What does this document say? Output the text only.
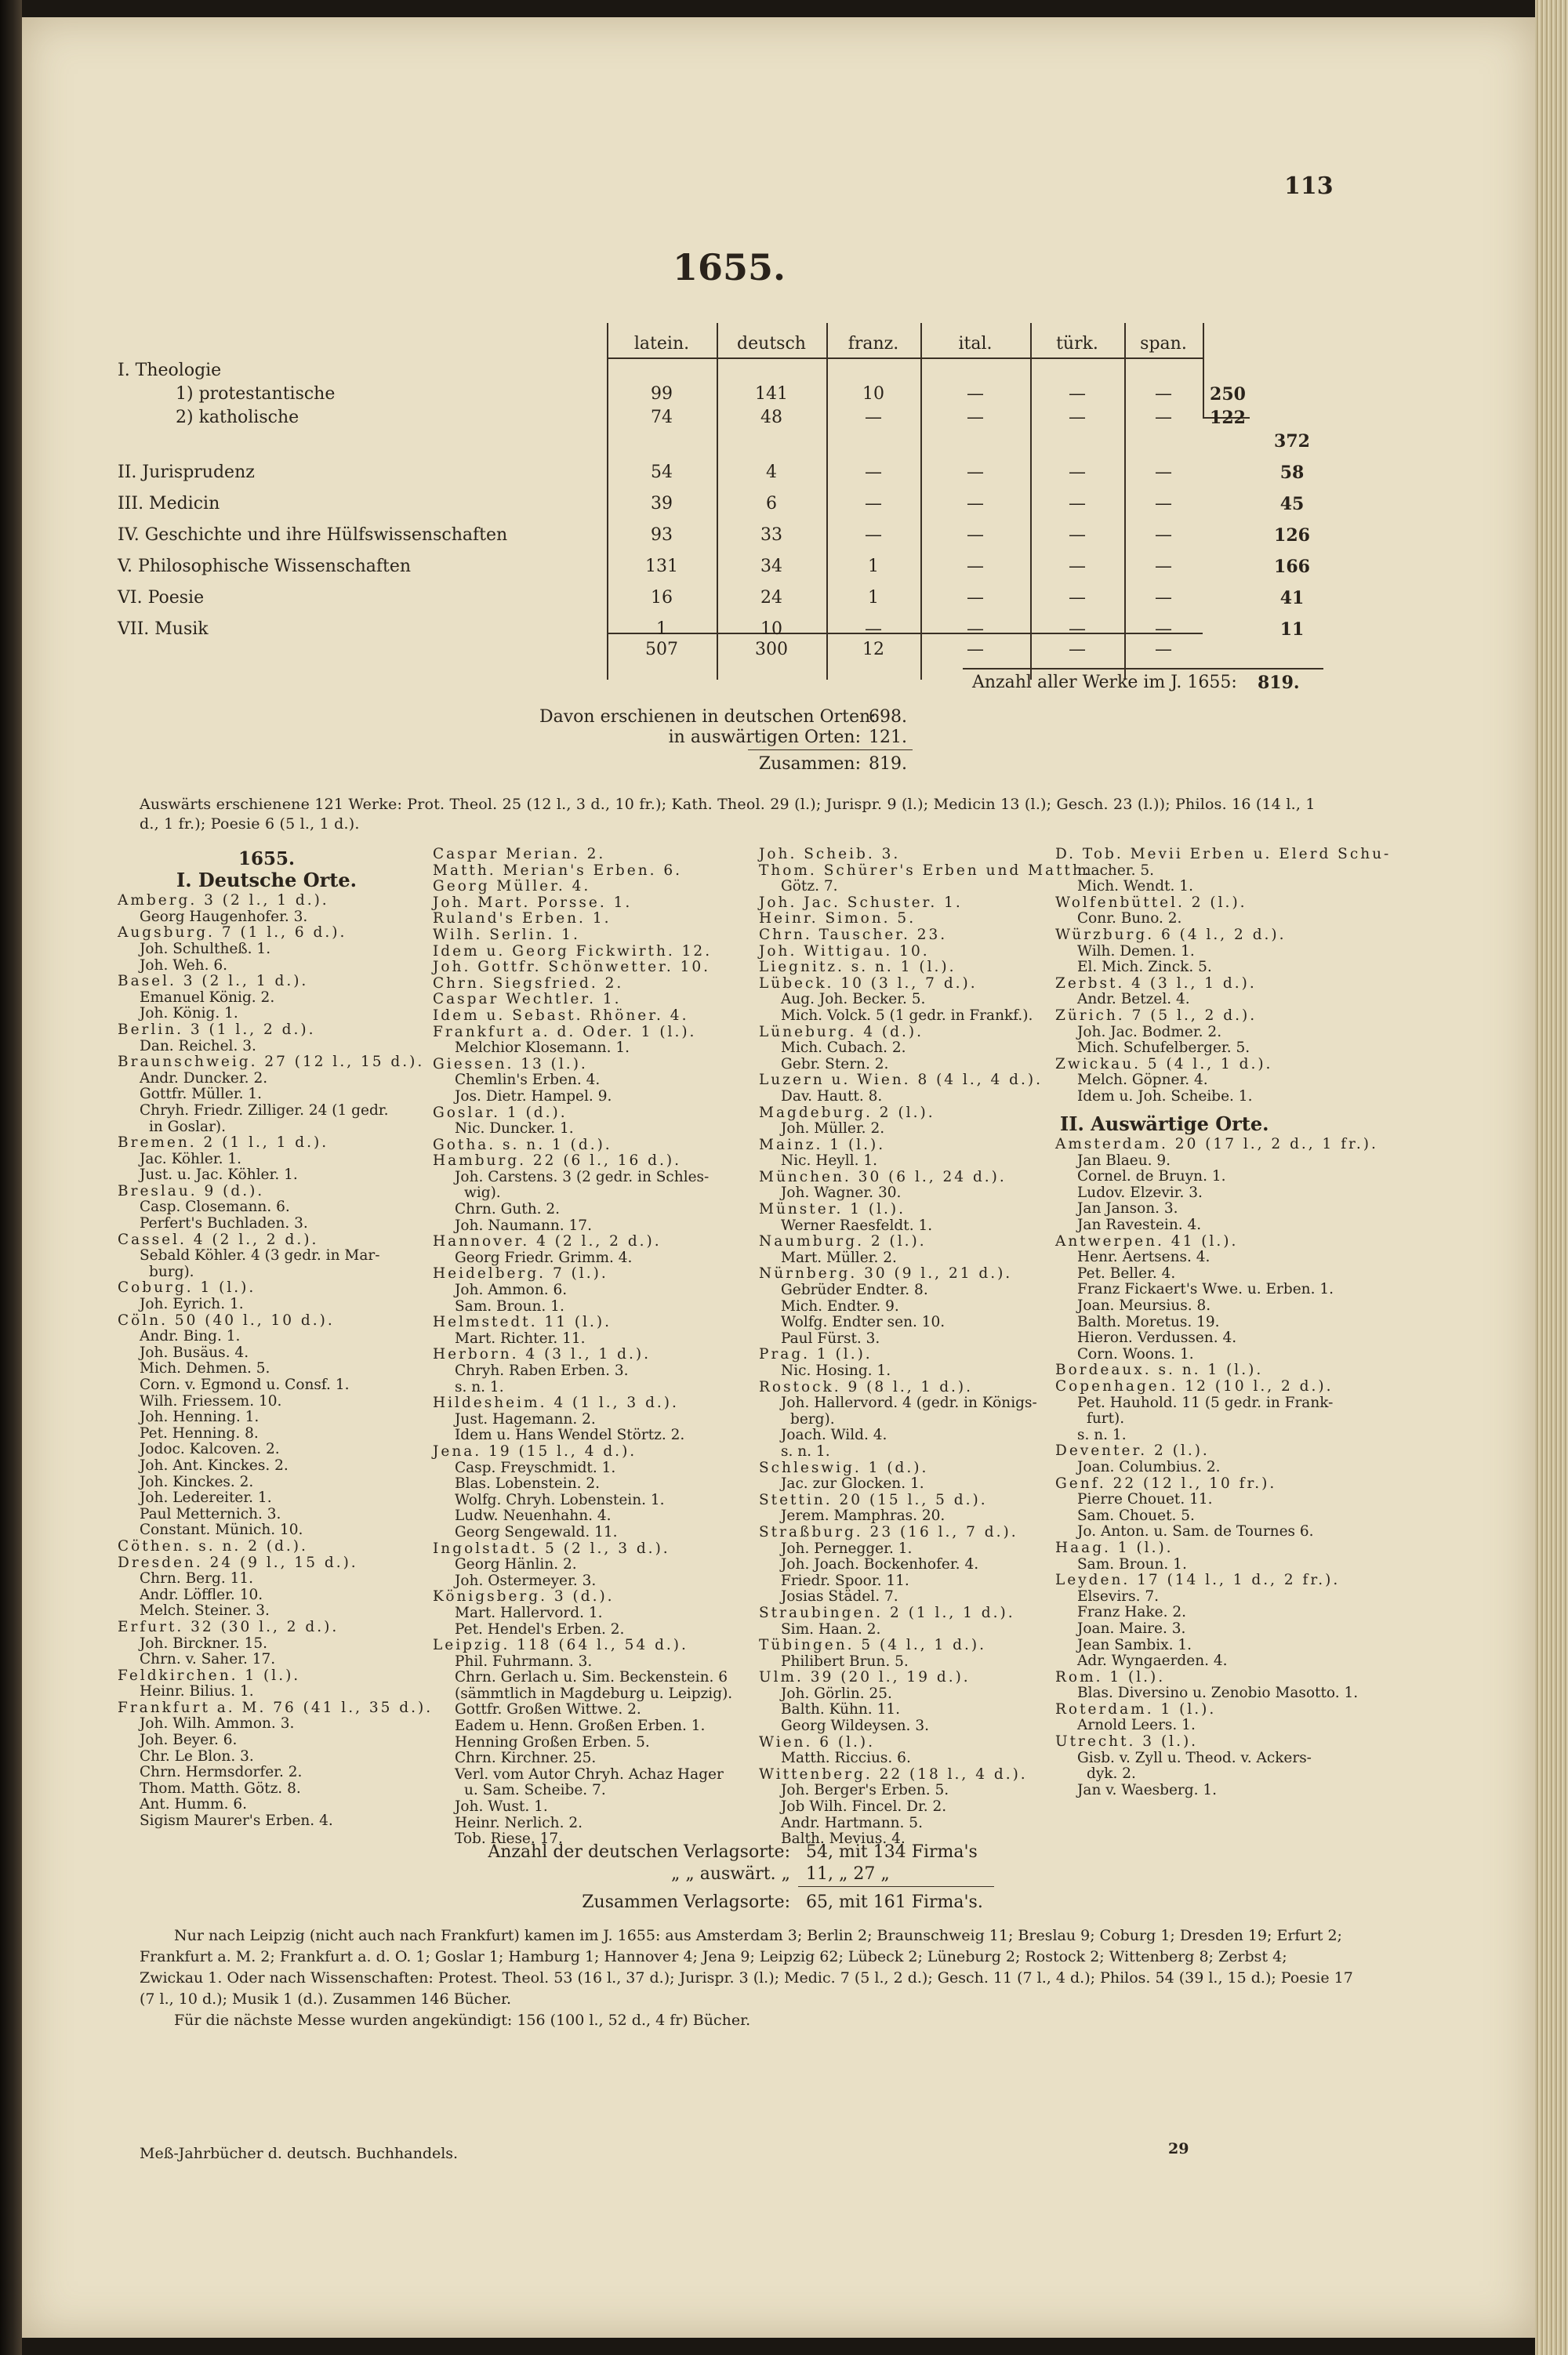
113
1655.
latein.	deutsch	franz.	ital.	türk.	span.
I. Theologie
1) protestantische	99	141	10	—	—	—	250
2) katholische	74	48	—	—	—	—	122
372
II. Jurisprudenz	54	4	—	—	—	—	58
III. Medicin	39	6	—	—	—	—	45
IV. Geschichte und ihre Hülfswissenschaften	93	33	—	—	—	—	126
V. Philosophische Wissenschaften	131	34	1	—	—	—	166
VI. Poesie	16	24	1	—	—	—	41
VII. Musik	1	10	—	—	—	—	11
507	300	12	—	—	—
Anzahl aller Werke im J. 1655: 819.
Davon erschienen in deutschen Orten:
698.
in auswärtigen Orten: 121.
Zusammen: 819.
Auswärts erschienene 121 Werke: Prot. Theol. 25 (12 l., 3 d., 10 fr.); Kath. Theol. 29 (l.); Jurispr. 9 (l.); Medicin 13 (l.); Gesch. 23 (l.)); Philos. 16 (14 l., 1 d., 1 fr.); Poesie 6 (5 l., 1 d.).
1655.
I. Deutsche Orte.
Amberg. 3 (2 l., 1 d.).
Georg Haugenhofer. 3.
Augsburg. 7 (1 l., 6 d.).
Joh. Schultheß. 1.
Joh. Weh. 6.
Basel. 3 (2 l., 1 d.).
Emanuel König. 2.
Joh. König. 1.
Berlin. 3 (1 l., 2 d.).
Dan. Reichel. 3.
Braunschweig. 27 (12 l., 15 d.).
Andr. Duncker. 2.
Gottfr. Müller. 1.
Chryh. Friedr. Zilliger. 24 (1 gedr.
in Goslar).
Bremen. 2 (1 l., 1 d.).
Jac. Köhler. 1.
Just. u. Jac. Köhler. 1.
Breslau. 9 (d.).
Casp. Closemann. 6.
Perfert's Buchladen. 3.
Cassel. 4 (2 l., 2 d.).
Sebald Köhler. 4 (3 gedr. in Mar-
burg).
Coburg. 1 (l.).
Joh. Eyrich. 1.
Cöln. 50 (40 l., 10 d.).
Andr. Bing. 1.
Joh. Busäus. 4.
Mich. Dehmen. 5.
Corn. v. Egmond u. Consf. 1.
Wilh. Friessem. 10.
Joh. Henning. 1.
Pet. Henning. 8.
Jodoc. Kalcoven. 2.
Joh. Ant. Kinckes. 2.
Joh. Kinckes. 2.
Joh. Ledereiter. 1.
Paul Metternich. 3.
Constant. Münich. 10.
Cöthen. s. n. 2 (d.).
Dresden. 24 (9 l., 15 d.).
Chrn. Berg. 11.
Andr. Löffler. 10.
Melch. Steiner. 3.
Erfurt. 32 (30 l., 2 d.).
Joh. Birckner. 15.
Chrn. v. Saher. 17.
Feldkirchen. 1 (l.).
Heinr. Bilius. 1.
Frankfurt a. M. 76 (41 l., 35 d.).
Joh. Wilh. Ammon. 3.
Joh. Beyer. 6.
Chr. Le Blon. 3.
Chrn. Hermsdorfer. 2.
Thom. Matth. Götz. 8.
Ant. Humm. 6.
Sigism Maurer's Erben. 4.
Caspar Merian. 2.
Matth. Merian's Erben. 6.
Georg Müller. 4.
Joh. Mart. Porsse. 1.
Ruland's Erben. 1.
Wilh. Serlin. 1.
Idem u. Georg Fickwirth. 12.
Joh. Gottfr. Schönwetter. 10.
Chrn. Siegsfried. 2.
Caspar Wechtler. 1.
Idem u. Sebast. Rhöner. 4.
Frankfurt a. d. Oder. 1 (l.).
Melchior Klosemann. 1.
Giessen. 13 (l.).
Chemlin's Erben. 4.
Jos. Dietr. Hampel. 9.
Goslar. 1 (d.).
Nic. Duncker. 1.
Gotha. s. n. 1 (d.).
Hamburg. 22 (6 l., 16 d.).
Joh. Carstens. 3 (2 gedr. in Schles-
wig).
Chrn. Guth. 2.
Joh. Naumann. 17.
Hannover. 4 (2 l., 2 d.).
Georg Friedr. Grimm. 4.
Heidelberg. 7 (l.).
Joh. Ammon. 6.
Sam. Broun. 1.
Helmstedt. 11 (l.).
Mart. Richter. 11.
Herborn. 4 (3 l., 1 d.).
Chryh. Raben Erben. 3.
s. n. 1.
Hildesheim. 4 (1 l., 3 d.).
Just. Hagemann. 2.
Idem u. Hans Wendel Störtz. 2.
Jena. 19 (15 l., 4 d.).
Casp. Freyschmidt. 1.
Blas. Lobenstein. 2.
Wolfg. Chryh. Lobenstein. 1.
Ludw. Neuenhahn. 4.
Georg Sengewald. 11.
Ingolstadt. 5 (2 l., 3 d.).
Georg Hänlin. 2.
Joh. Ostermeyer. 3.
Königsberg. 3 (d.).
Mart. Hallervord. 1.
Pet. Hendel's Erben. 2.
Leipzig. 118 (64 l., 54 d.).
Phil. Fuhrmann. 3.
Chrn. Gerlach u. Sim. Beckenstein. 6
(sämmtlich in Magdeburg u. Leipzig).
Gottfr. Großen Wittwe. 2.
Eadem u. Henn. Großen Erben. 1.
Henning Großen Erben. 5.
Chrn. Kirchner. 25.
Verl. vom Autor Chryh. Achaz Hager
u. Sam. Scheibe. 7.
Joh. Wust. 1.
Heinr. Nerlich. 2.
Tob. Riese. 17.
Joh. Scheib. 3.
Thom. Schürer's Erben und Matth.
Götz. 7.
Joh. Jac. Schuster. 1.
Heinr. Simon. 5.
Chrn. Tauscher. 23.
Joh. Wittigau. 10.
Liegnitz. s. n. 1 (l.).
Lübeck. 10 (3 l., 7 d.).
Aug. Joh. Becker. 5.
Mich. Volck. 5 (1 gedr. in Frankf.).
Lüneburg. 4 (d.).
Mich. Cubach. 2.
Gebr. Stern. 2.
Luzern u. Wien. 8 (4 l., 4 d.).
Dav. Hautt. 8.
Magdeburg. 2 (l.).
Joh. Müller. 2.
Mainz. 1 (l.).
Nic. Heyll. 1.
München. 30 (6 l., 24 d.).
Joh. Wagner. 30.
Münster. 1 (l.).
Werner Raesfeldt. 1.
Naumburg. 2 (l.).
Mart. Müller. 2.
Nürnberg. 30 (9 l., 21 d.).
Gebrüder Endter. 8.
Mich. Endter. 9.
Wolfg. Endter sen. 10.
Paul Fürst. 3.
Prag. 1 (l.).
Nic. Hosing. 1.
Rostock. 9 (8 l., 1 d.).
Joh. Hallervord. 4 (gedr. in Königs-
berg).
Joach. Wild. 4.
s. n. 1.
Schleswig. 1 (d.).
Jac. zur Glocken. 1.
Stettin. 20 (15 l., 5 d.).
Jerem. Mamphras. 20.
Straßburg. 23 (16 l., 7 d.).
Joh. Pernegger. 1.
Joh. Joach. Bockenhofer. 4.
Friedr. Spoor. 11.
Josias Städel. 7.
Straubingen. 2 (1 l., 1 d.).
Sim. Haan. 2.
Tübingen. 5 (4 l., 1 d.).
Philibert Brun. 5.
Ulm. 39 (20 l., 19 d.).
Joh. Görlin. 25.
Balth. Kühn. 11.
Georg Wildeysen. 3.
Wien. 6 (l.).
Matth. Riccius. 6.
Wittenberg. 22 (18 l., 4 d.).
Joh. Berger's Erben. 5.
Job Wilh. Fincel. Dr. 2.
Andr. Hartmann. 5.
Balth. Mevius. 4.
D. Tob. Mevii Erben u. Elerd Schu-
macher. 5.
Mich. Wendt. 1.
Wolfenbüttel. 2 (l.).
Conr. Buno. 2.
Würzburg. 6 (4 l., 2 d.).
Wilh. Demen. 1.
El. Mich. Zinck. 5.
Zerbst. 4 (3 l., 1 d.).
Andr. Betzel. 4.
Zürich. 7 (5 l., 2 d.).
Joh. Jac. Bodmer. 2.
Mich. Schufelberger. 5.
Zwickau. 5 (4 l., 1 d.).
Melch. Göpner. 4.
Idem u. Joh. Scheibe. 1.
II. Auswärtige Orte.
Amsterdam. 20 (17 l., 2 d., 1 fr.).
Jan Blaeu. 9.
Cornel. de Bruyn. 1.
Ludov. Elzevir. 3.
Jan Janson. 3.
Jan Ravestein. 4.
Antwerpen. 41 (l.).
Henr. Aertsens. 4.
Pet. Beller. 4.
Franz Fickaert's Wwe. u. Erben. 1.
Joan. Meursius. 8.
Balth. Moretus. 19.
Hieron. Verdussen. 4.
Corn. Woons. 1.
Bordeaux. s. n. 1 (l.).
Copenhagen. 12 (10 l., 2 d.).
Pet. Hauhold. 11 (5 gedr. in Frank-
furt).
s. n. 1.
Deventer. 2 (l.).
Joan. Columbius. 2.
Genf. 22 (12 l., 10 fr.).
Pierre Chouet. 11.
Sam. Chouet. 5.
Jo. Anton. u. Sam. de Tournes 6.
Haag. 1 (l.).
Sam. Broun. 1.
Leyden. 17 (14 l., 1 d., 2 fr.).
Elsevirs. 7.
Franz Hake. 2.
Joan. Maire. 3.
Jean Sambix. 1.
Adr. Wyngaerden. 4.
Rom. 1 (l.).
Blas. Diversino u. Zenobio Masotto. 1.
Roterdam. 1 (l.).
Arnold Leers. 1.
Utrecht. 3 (l.).
Gisb. v. Zyll u. Theod. v. Ackers-
dyk. 2.
Jan v. Waesberg. 1.
Anzahl der deutschen Verlagsorte: 54, mit 134 Firma's
„ „ auswärt. „ 11, „ 27 „
Zusammen Verlagsorte: 65, mit 161 Firma's.
Nur nach Leipzig (nicht auch nach Frankfurt) kamen im J. 1655: aus Amsterdam 3; Berlin 2; Braunschweig 11; Breslau 9; Coburg 1; Dresden 19; Erfurt 2; Frankfurt a. M. 2; Frankfurt a. d. O. 1; Goslar 1; Hamburg 1; Hannover 4; Jena 9; Leipzig 62; Lübeck 2; Lüneburg 2; Rostock 2; Wittenberg 8; Zerbst 4; Zwickau 1. Oder nach Wissenschaften: Protest. Theol. 53 (16 l., 37 d.); Jurispr. 3 (l.); Medic. 7 (5 l., 2 d.); Gesch. 11 (7 l., 4 d.); Philos. 54 (39 l., 15 d.); Poesie 17 (7 l., 10 d.); Musik 1 (d.). Zusammen 146 Bücher.
Für die nächste Messe wurden angekündigt: 156 (100 l., 52 d., 4 fr) Bücher.
Meß-Jahrbücher d. deutsch. Buchhandels.	29
